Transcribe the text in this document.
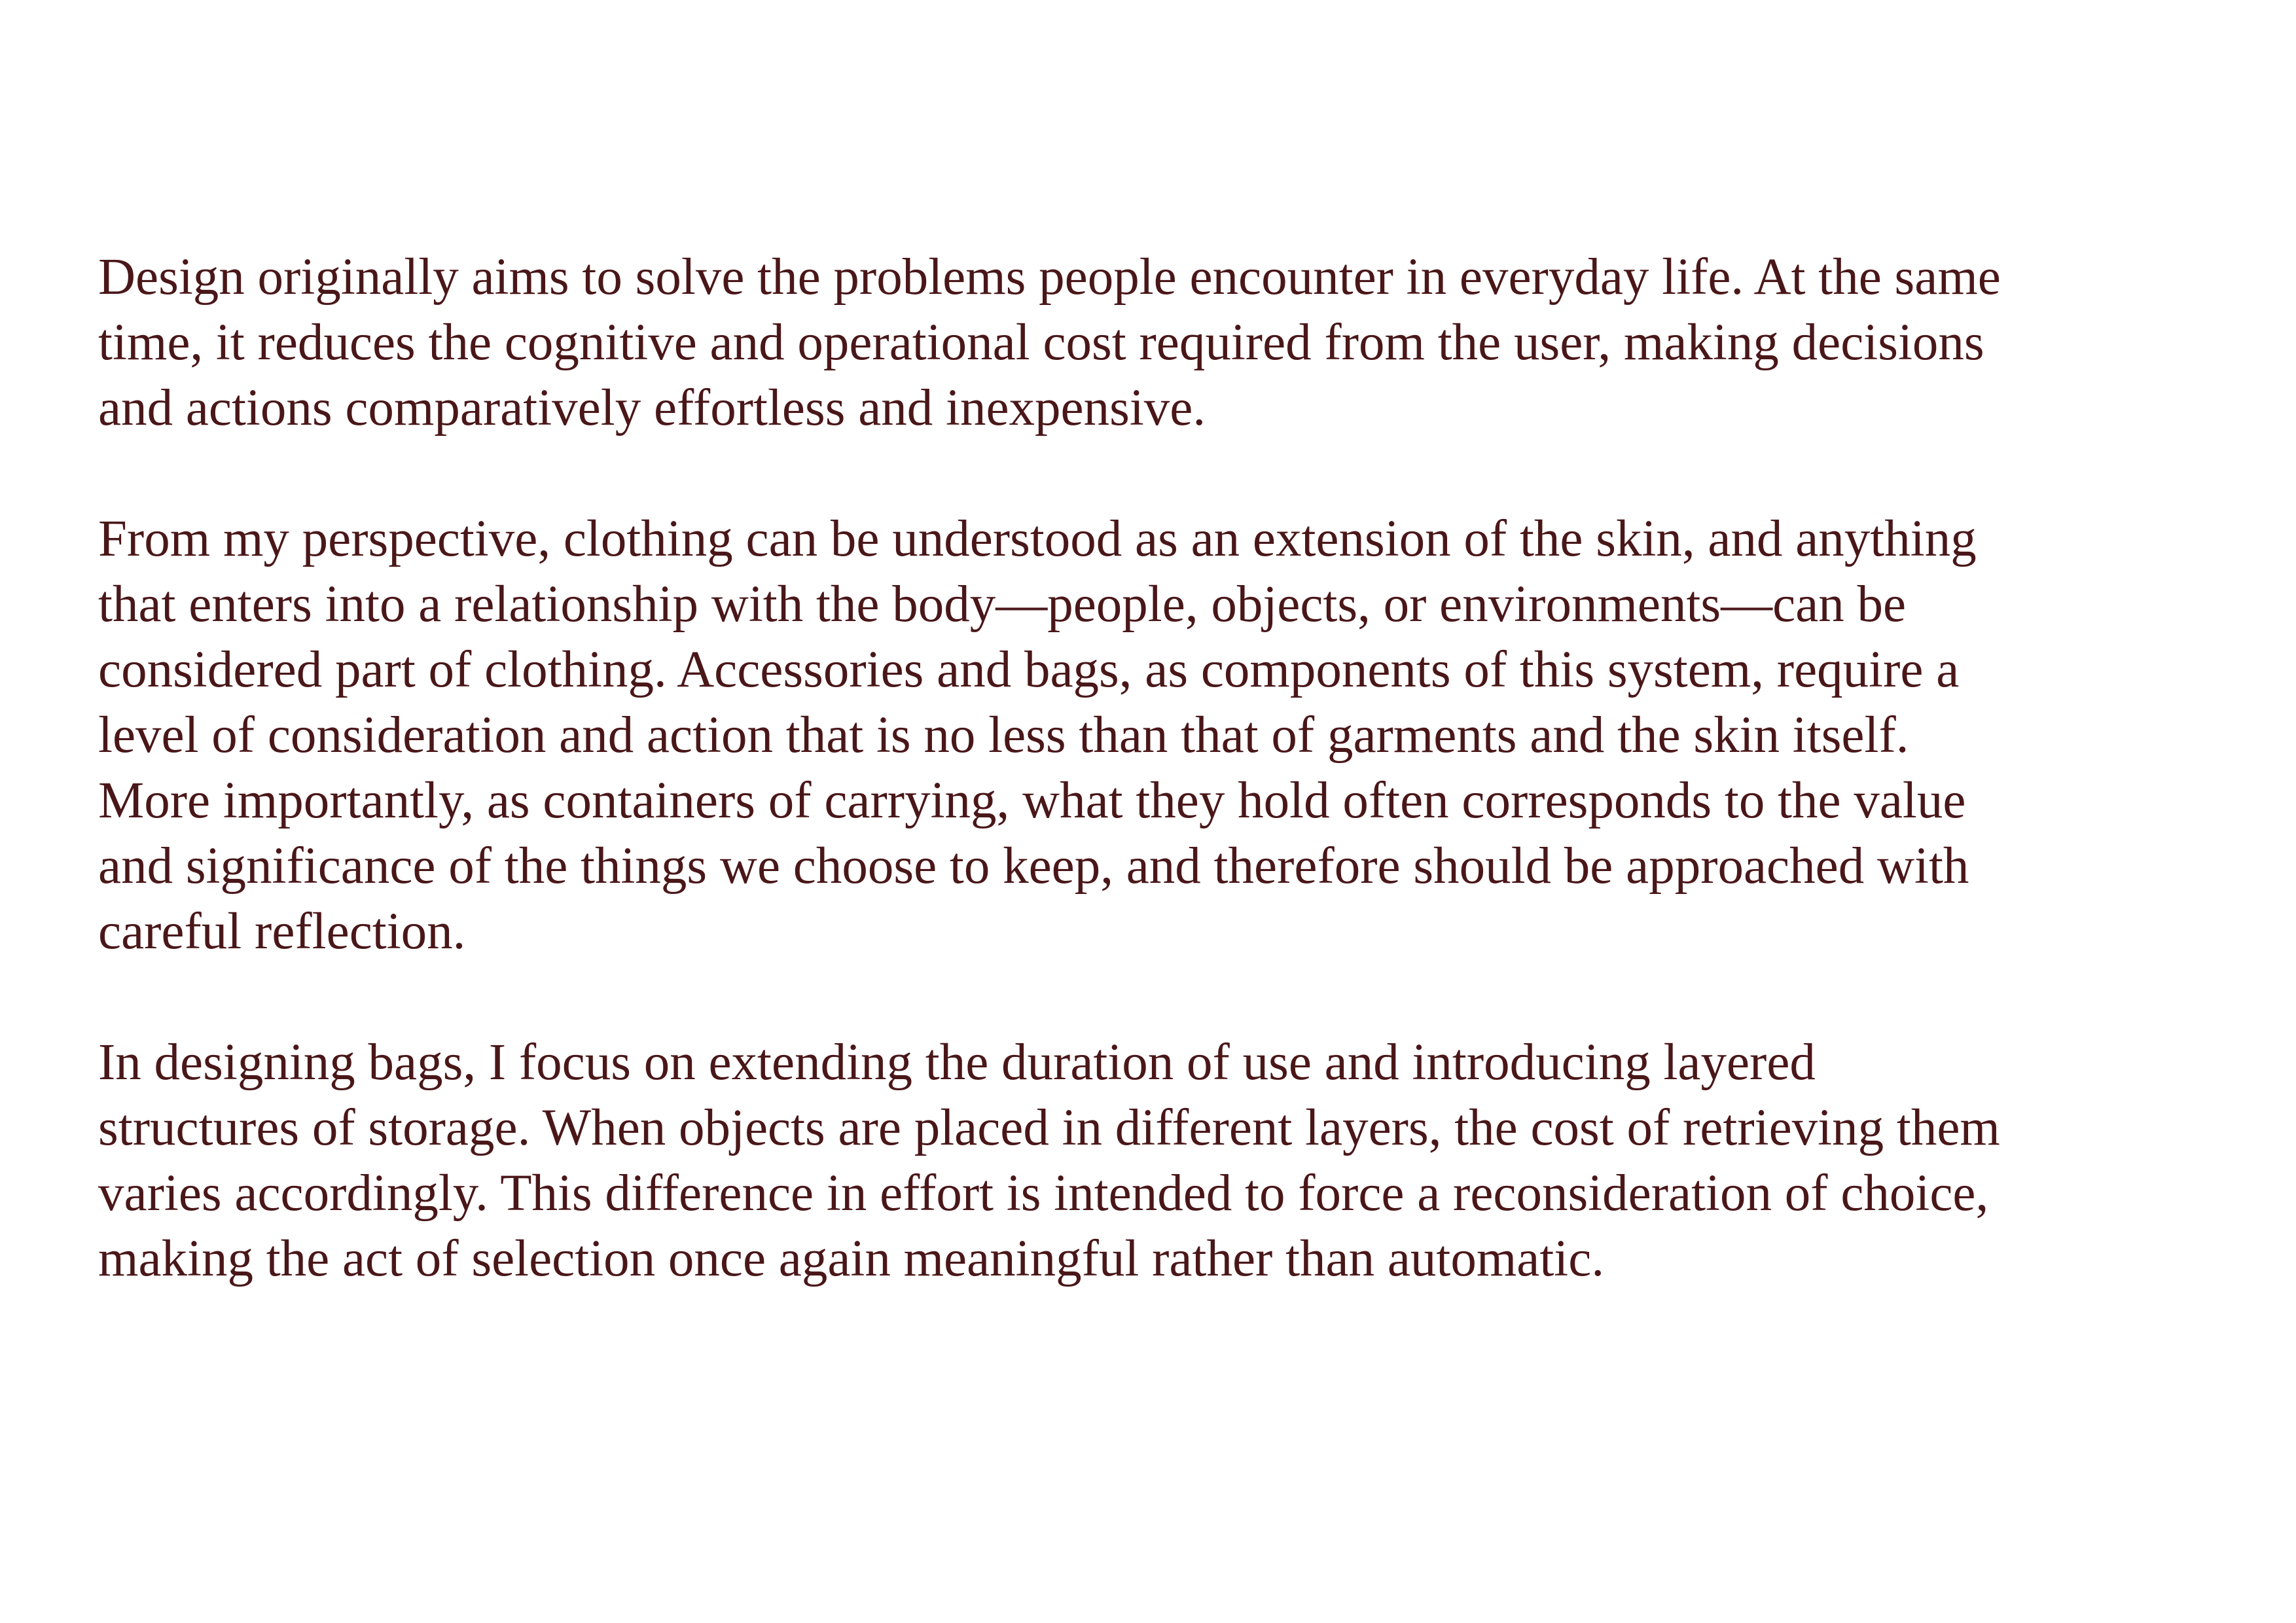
Design originally aims to solve the problems people encounter in everyday life. At the same
time, it reduces the cognitive and operational cost required from the user, making decisions
and actions comparatively effortless and inexpensive.

From my perspective, clothing can be understood as an extension of the skin, and anything
that enters into a relationship with the body—people, objects, or environments—can be
considered part of clothing. Accessories and bags, as components of this system, require a
level of consideration and action that is no less than that of garments and the skin itself.
More importantly, as containers of carrying, what they hold often corresponds to the value
and significance of the things we choose to keep, and therefore should be approached with
careful reflection.

In designing bags, I focus on extending the duration of use and introducing layered
structures of storage. When objects are placed in different layers, the cost of retrieving them
varies accordingly. This difference in effort is intended to force a reconsideration of choice,
making the act of selection once again meaningful rather than automatic.
